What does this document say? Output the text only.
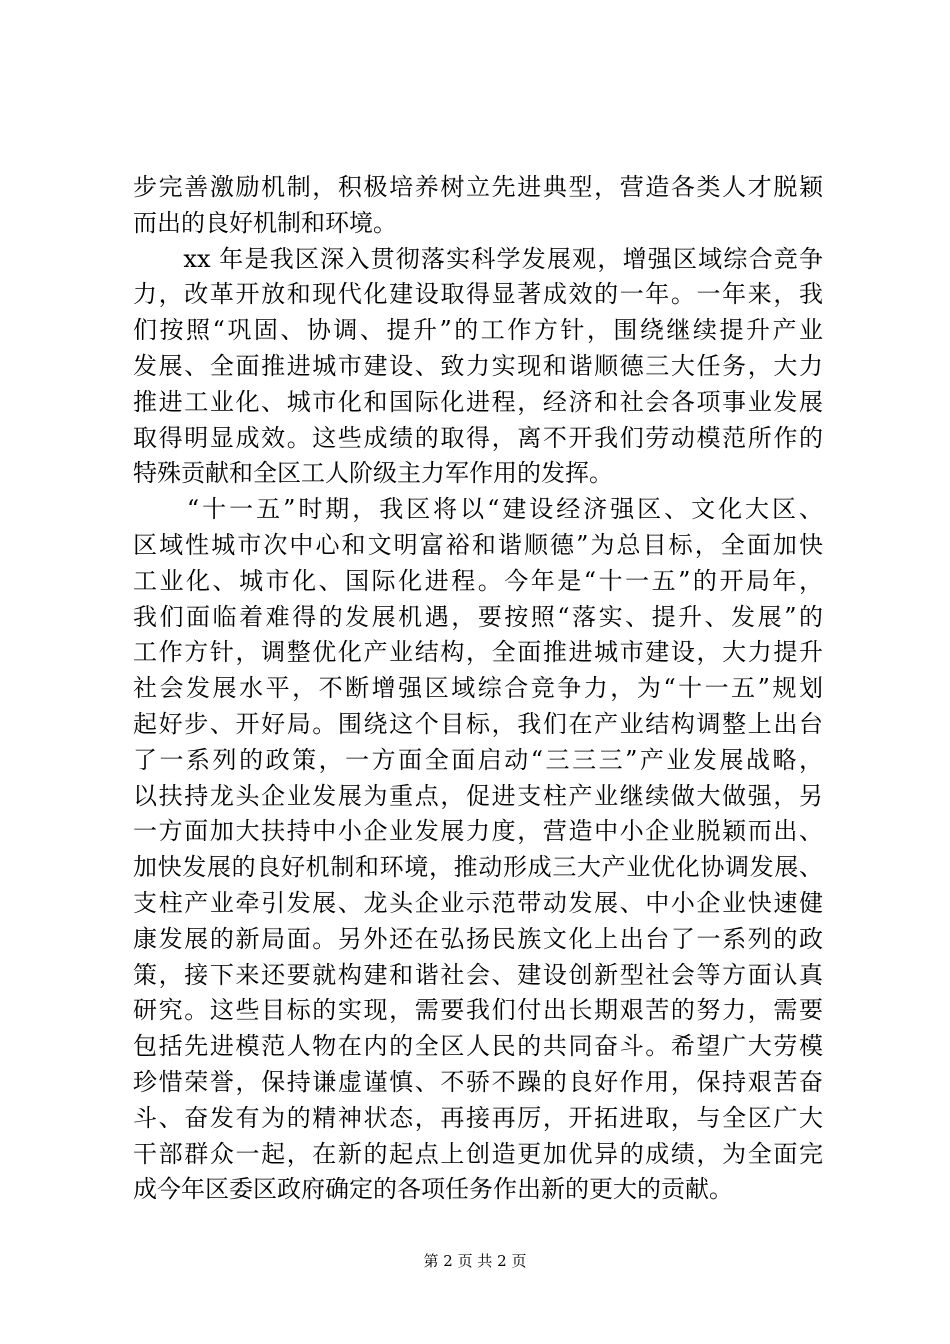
步完善激励机制，积极培养树立先进典型，营造各类人才脱颖
而出的良好机制和环境。
　　xx 年是我区深入贯彻落实科学发展观，增强区域综合竞争
力，改革开放和现代化建设取得显著成效的一年。一年来，我
们按照“巩固、协调、提升”的工作方针，围绕继续提升产业
发展、全面推进城市建设、致力实现和谐顺德三大任务，大力
推进工业化、城市化和国际化进程，经济和社会各项事业发展
取得明显成效。这些成绩的取得，离不开我们劳动模范所作的
特殊贡献和全区工人阶级主力军作用的发挥。
　　“十一五”时期，我区将以“建设经济强区、文化大区、
区域性城市次中心和文明富裕和谐顺德”为总目标，全面加快
工业化、城市化、国际化进程。今年是“十一五”的开局年，
我们面临着难得的发展机遇，要按照“落实、提升、发展”的
工作方针，调整优化产业结构，全面推进城市建设，大力提升
社会发展水平，不断增强区域综合竞争力，为“十一五”规划
起好步、开好局。围绕这个目标，我们在产业结构调整上出台
了一系列的政策，一方面全面启动“三三三”产业发展战略，
以扶持龙头企业发展为重点，促进支柱产业继续做大做强，另
一方面加大扶持中小企业发展力度，营造中小企业脱颖而出、
加快发展的良好机制和环境，推动形成三大产业优化协调发展、
支柱产业牵引发展、龙头企业示范带动发展、中小企业快速健
康发展的新局面。另外还在弘扬民族文化上出台了一系列的政
策，接下来还要就构建和谐社会、建设创新型社会等方面认真
研究。这些目标的实现，需要我们付出长期艰苦的努力，需要
包括先进模范人物在内的全区人民的共同奋斗。希望广大劳模
珍惜荣誉，保持谦虚谨慎、不骄不躁的良好作用，保持艰苦奋
斗、奋发有为的精神状态，再接再厉，开拓进取，与全区广大
干部群众一起，在新的起点上创造更加优异的成绩，为全面完
成今年区委区政府确定的各项任务作出新的更大的贡献。
第 2 页 共 2 页
